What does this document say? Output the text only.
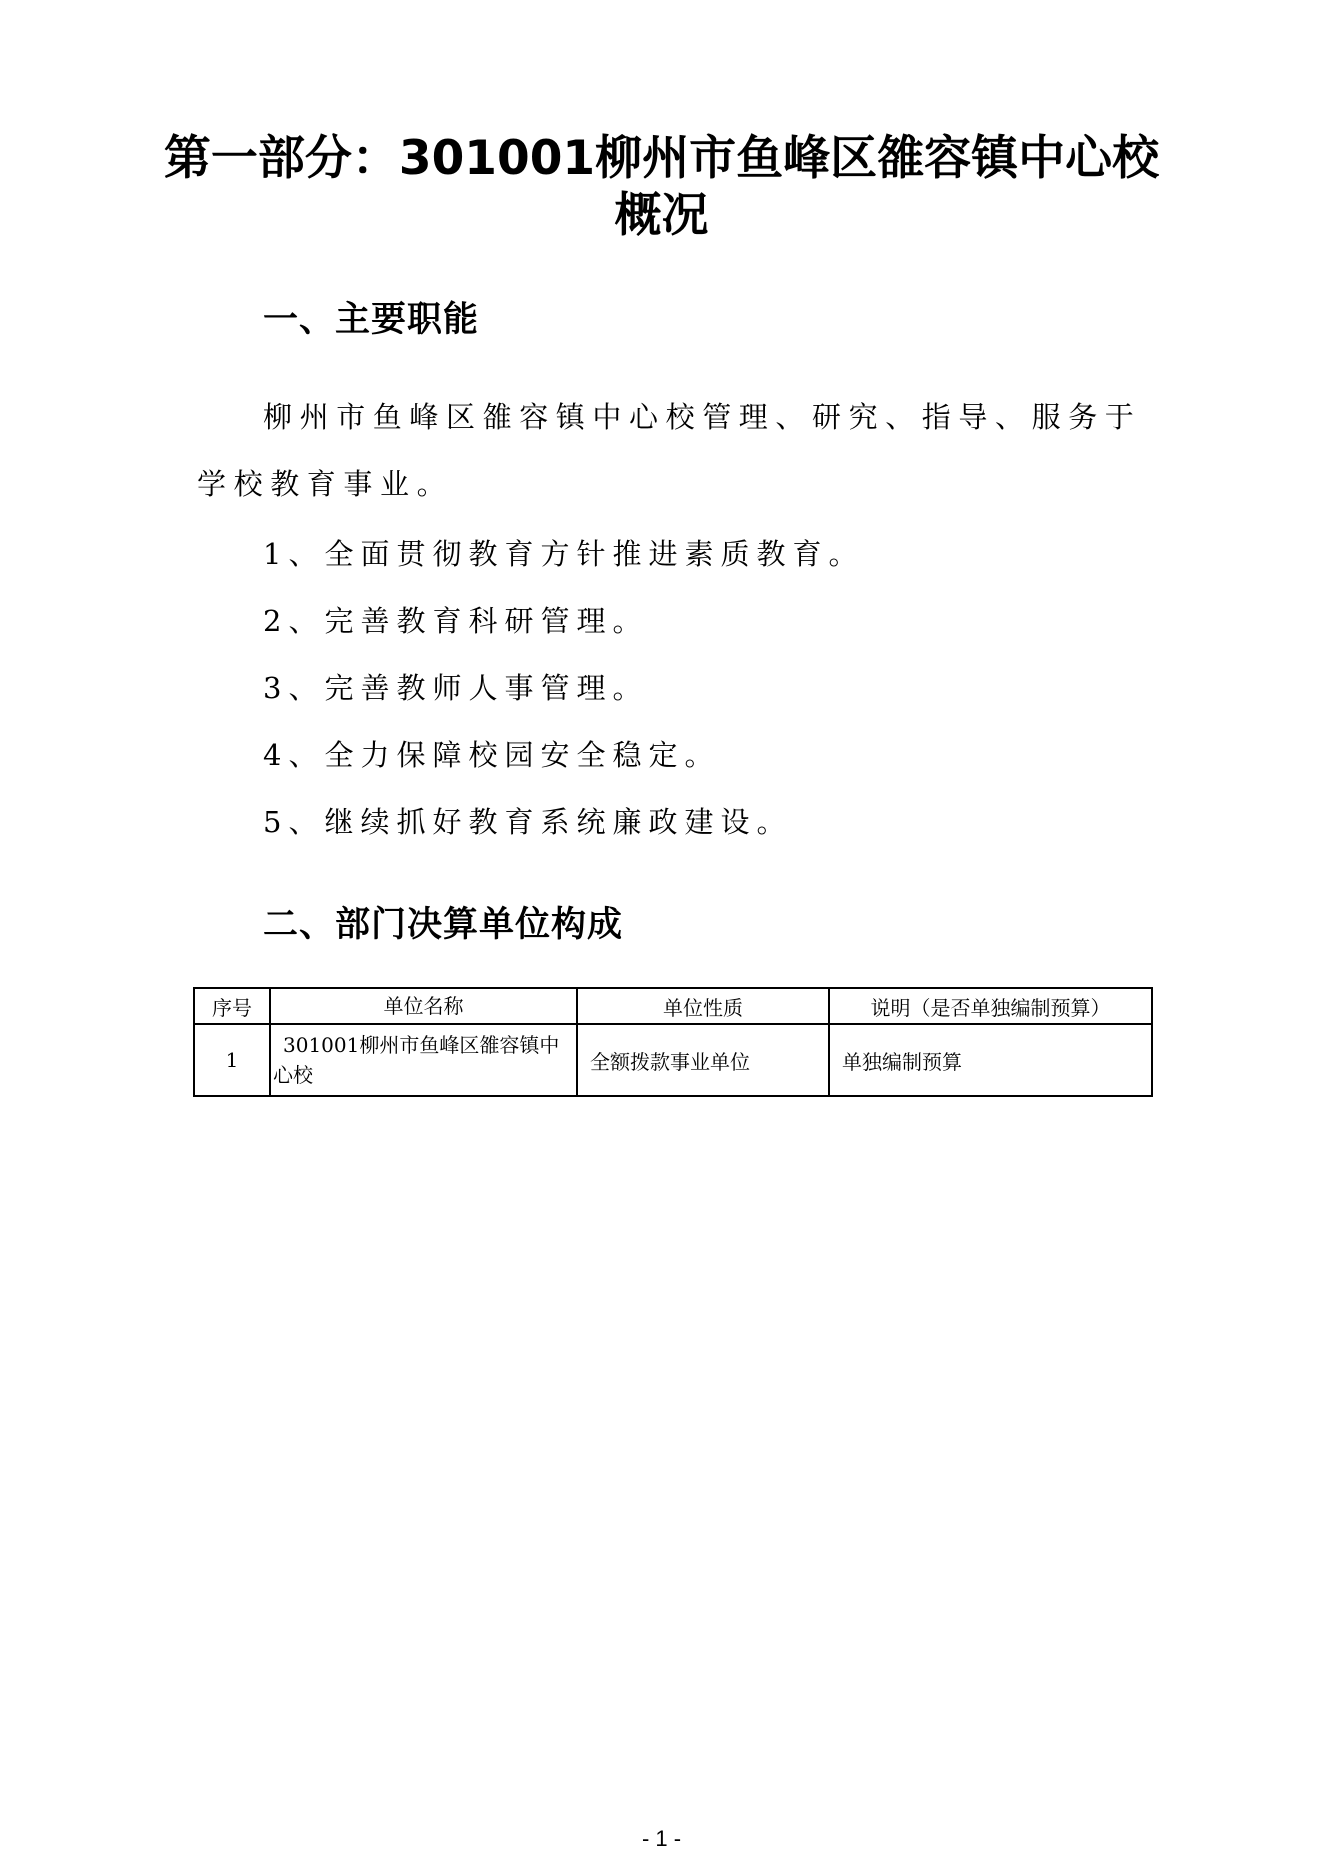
第一部分：301001柳州市鱼峰区雒容镇中心校概况
一、主要职能
柳州市鱼峰区雒容镇中心校管理、研究、指导、服务于学校教育事业。
1、全面贯彻教育方针推进素质教育。
2、完善教育科研管理。
3、完善教师人事管理。
4、全力保障校园安全稳定。
5、继续抓好教育系统廉政建设。
二、部门决算单位构成
序号	单位名称	单位性质	说明（是否单独编制预算）
1	301001柳州市鱼峰区雒容镇中心校	全额拨款事业单位	单独编制预算
- 1 -
